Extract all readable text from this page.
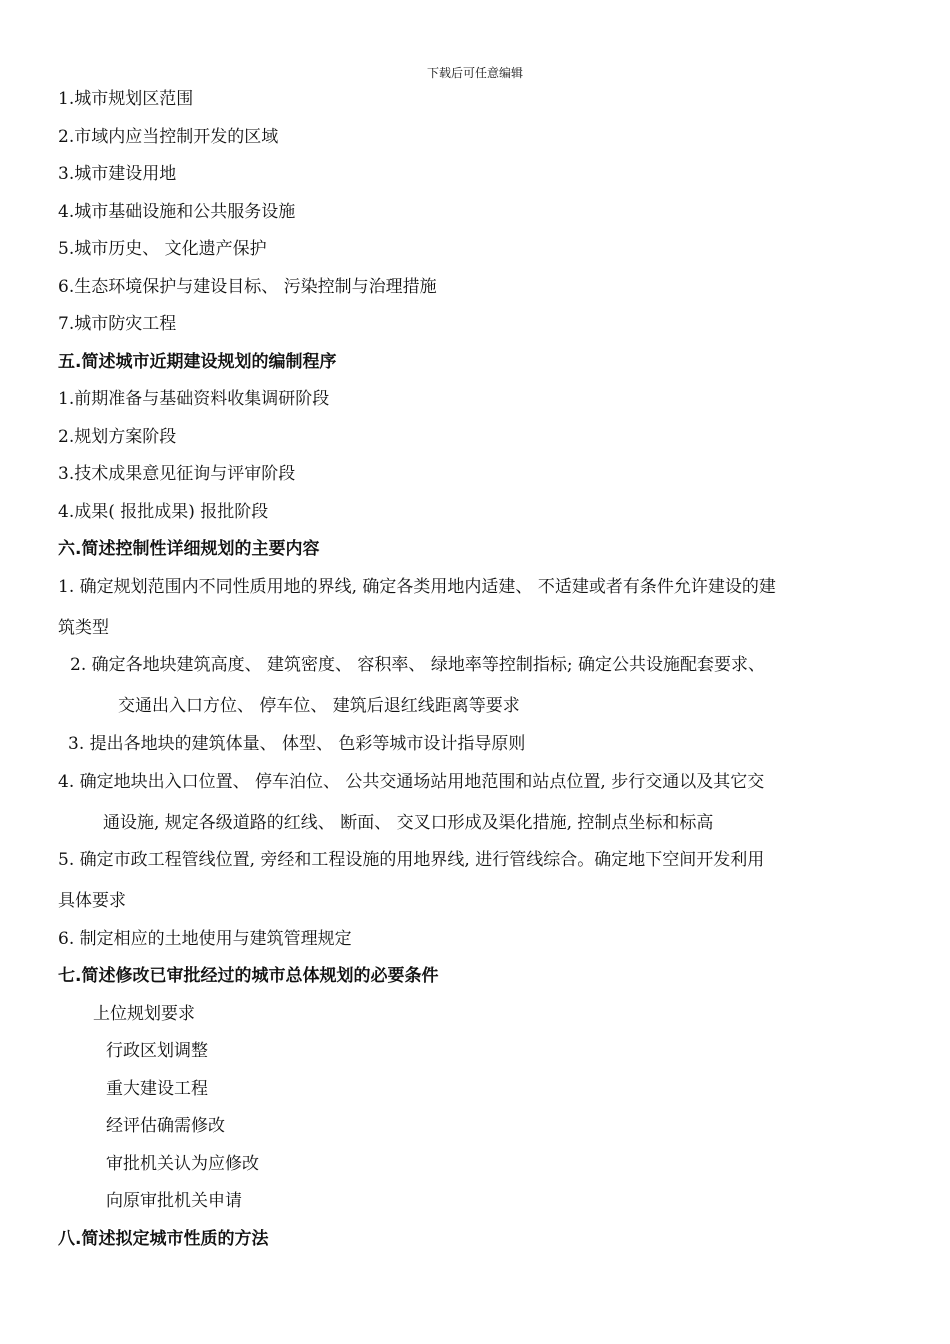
下载后可任意编辑
1.城市规划区范围
2.市域内应当控制开发的区域
3.城市建设用地
4.城市基础设施和公共服务设施
5.城市历史、 文化遗产保护
6.生态环境保护与建设目标、 污染控制与治理措施
7.城市防灾工程
五.简述城市近期建设规划的编制程序
1.前期准备与基础资料收集调研阶段
2.规划方案阶段
3.技术成果意见征询与评审阶段
4.成果( 报批成果) 报批阶段
六.简述控制性详细规划的主要内容
1. 确定规划范围内不同性质用地的界线, 确定各类用地内适建、 不适建或者有条件允许建设的建
筑类型
2. 确定各地块建筑高度、 建筑密度、 容积率、 绿地率等控制指标; 确定公共设施配套要求、
交通出入口方位、 停车位、 建筑后退红线距离等要求
3. 提出各地块的建筑体量、 体型、 色彩等城市设计指导原则
4. 确定地块出入口位置、 停车泊位、 公共交通场站用地范围和站点位置, 步行交通以及其它交
通设施, 规定各级道路的红线、 断面、 交叉口形成及渠化措施, 控制点坐标和标高
5. 确定市政工程管线位置, 旁经和工程设施的用地界线, 进行管线综合。确定地下空间开发利用
具体要求
6. 制定相应的土地使用与建筑管理规定
七.简述修改已审批经过的城市总体规划的必要条件
上位规划要求
行政区划调整
重大建设工程
经评估确需修改
审批机关认为应修改
向原审批机关申请
八.简述拟定城市性质的方法
